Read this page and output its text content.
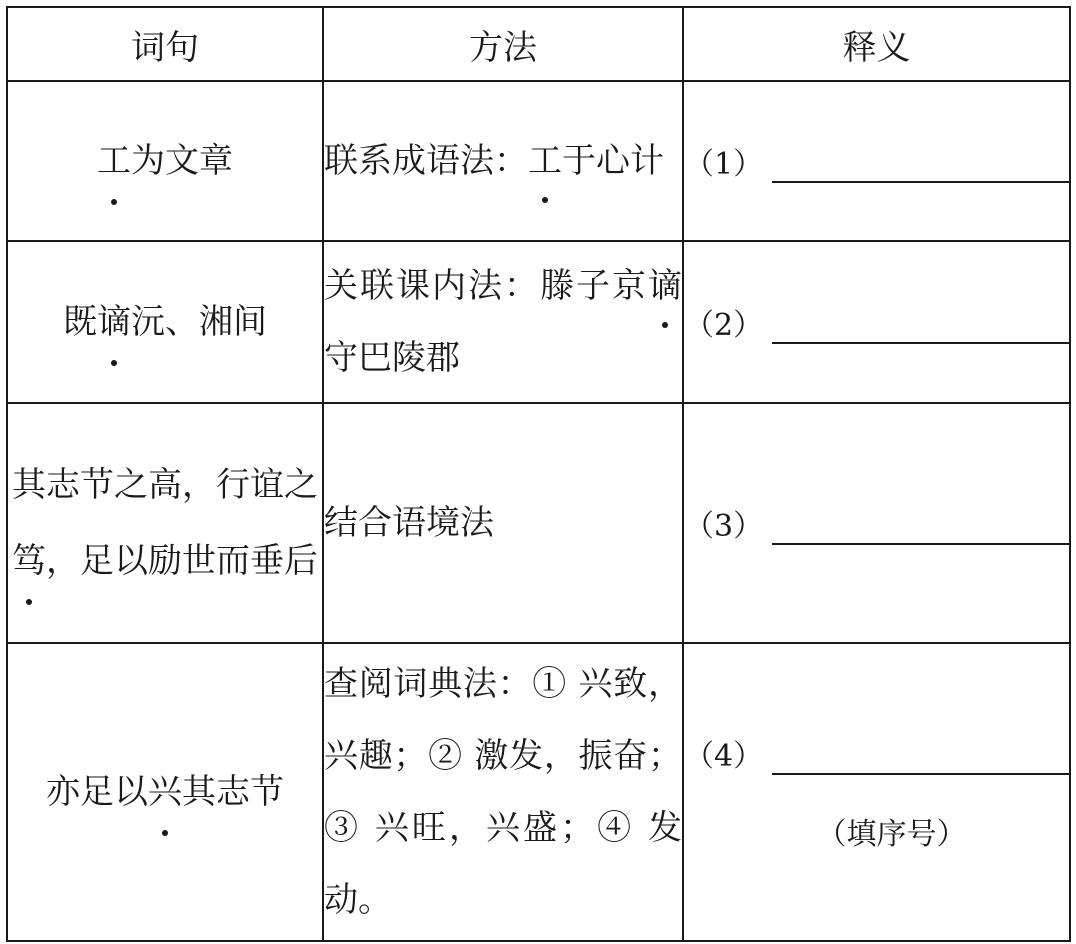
词句	方法	释义
工为文章	联系成语法：工于心计	（1）

既谪沅、湘间	关联课内法：滕子京谪守巴陵郡	（2）

其志节之高，行谊之笃，足以励世而垂后	结合语境法	（3）

亦足以兴其志节	查阅词典法：① 兴致，兴趣；② 激发，振奋；③ 兴旺，兴盛；④ 发动。	（4）
（填序号）
